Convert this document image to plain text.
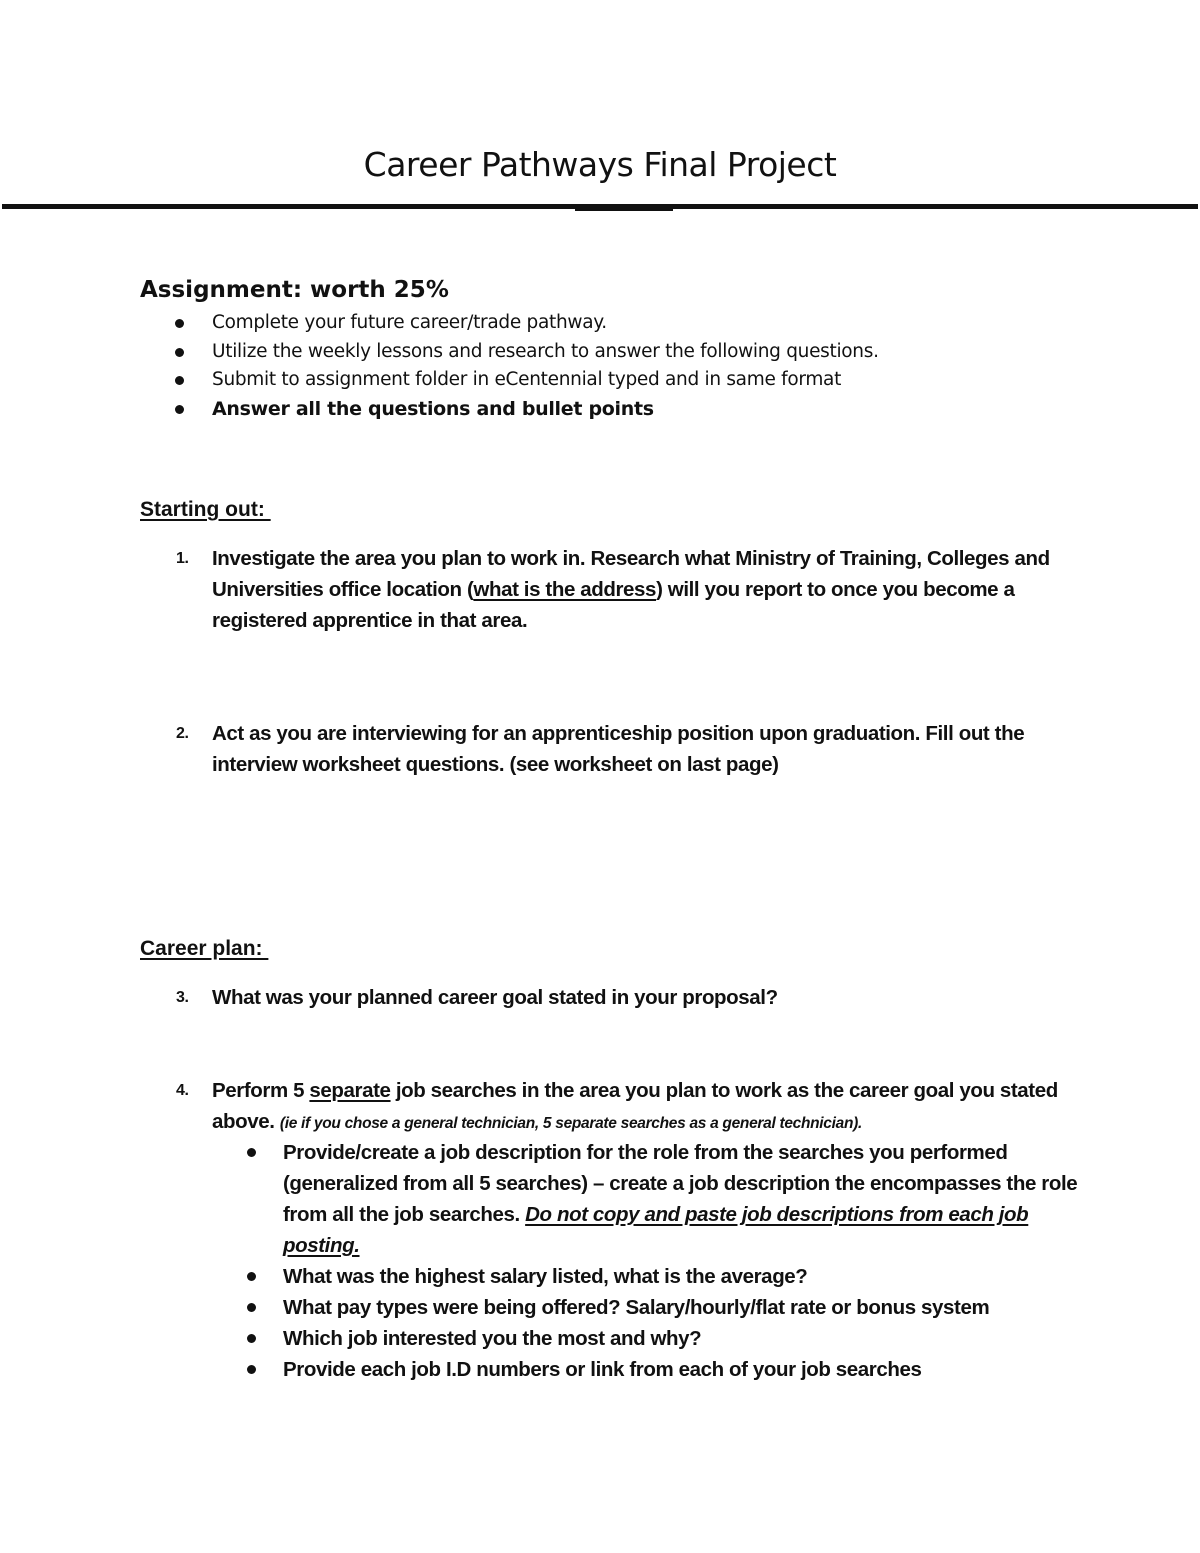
Career Pathways Final Project
Assignment: worth 25%
Complete your future career/trade pathway.
Utilize the weekly lessons and research to answer the following questions.
Submit to assignment folder in eCentennial typed and in same format
Answer all the questions and bullet points
Starting out:
1. Investigate the area you plan to work in. Research what Ministry of Training, Colleges and Universities office location (what is the address) will you report to once you become a registered apprentice in that area.
2. Act as you are interviewing for an apprenticeship position upon graduation. Fill out the interview worksheet questions. (see worksheet on last page)
Career plan:
3. What was your planned career goal stated in your proposal?
4. Perform 5 separate job searches in the area you plan to work as the career goal you stated above. (ie if you chose a general technician, 5 separate searches as a general technician).
Provide/create a job description for the role from the searches you performed (generalized from all 5 searches) – create a job description the encompasses the role from all the job searches. Do not copy and paste job descriptions from each job posting.
What was the highest salary listed, what is the average?
What pay types were being offered? Salary/hourly/flat rate or bonus system
Which job interested you the most and why?
Provide each job I.D numbers or link from each of your job searches
